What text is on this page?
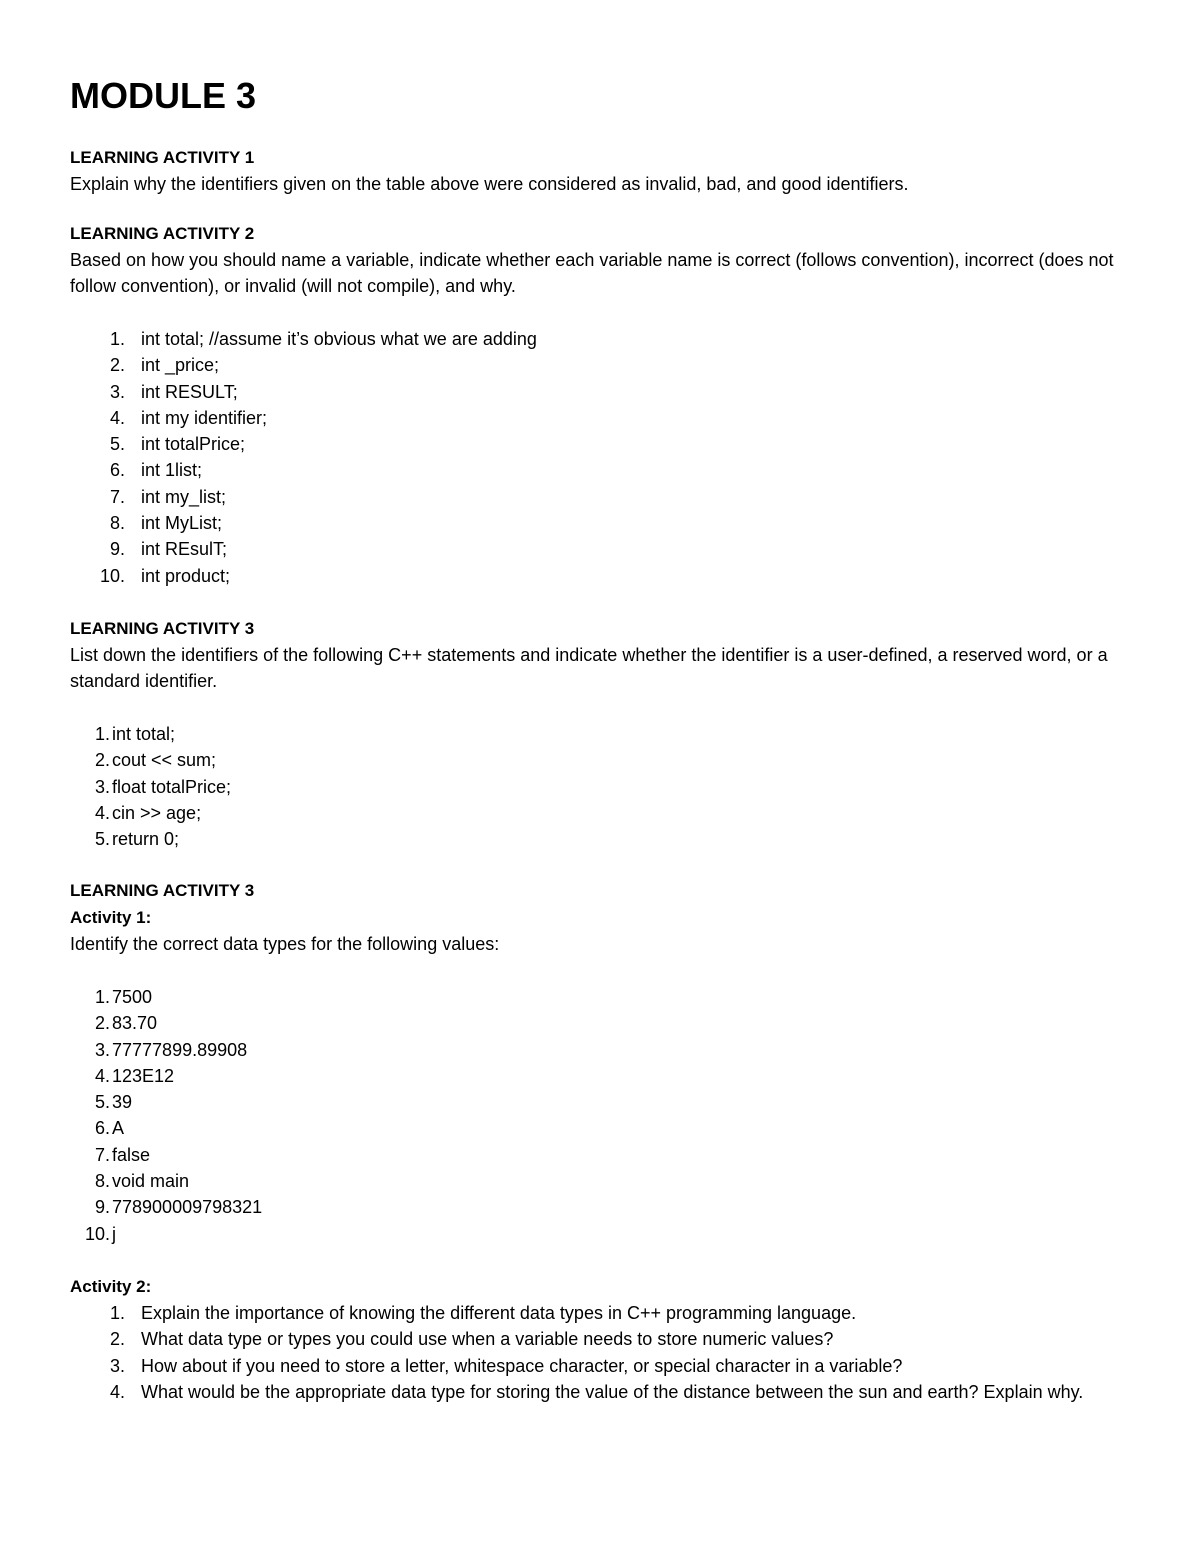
MODULE 3
LEARNING ACTIVITY 1
Explain why the identifiers given on the table above were considered as invalid, bad, and good identifiers.
LEARNING ACTIVITY 2
Based on how you should name a variable, indicate whether each variable name is correct (follows convention), incorrect (does not follow convention), or invalid (will not compile), and why.
1. int total; //assume it’s obvious what we are adding
2. int _price;
3. int RESULT;
4. int my identifier;
5. int totalPrice;
6. int 1list;
7. int my_list;
8. int MyList;
9. int REsulT;
10. int product;
LEARNING ACTIVITY 3
List down the identifiers of the following C++ statements and indicate whether the identifier is a user-defined, a reserved word, or a standard identifier.
1. int total;
2. cout << sum;
3. float totalPrice;
4. cin >> age;
5. return 0;
LEARNING ACTIVITY 3
Activity 1:
Identify the correct data types for the following values:
1. 7500
2. 83.70
3. 77777899.89908
4. 123E12
5. 39
6. A
7. false
8. void main
9. 778900009798321
10. j
Activity 2:
1. Explain the importance of knowing the different data types in C++ programming language.
2. What data type or types you could use when a variable needs to store numeric values?
3. How about if you need to store a letter, whitespace character, or special character in a variable?
4. What would be the appropriate data type for storing the value of the distance between the sun and earth? Explain why.
